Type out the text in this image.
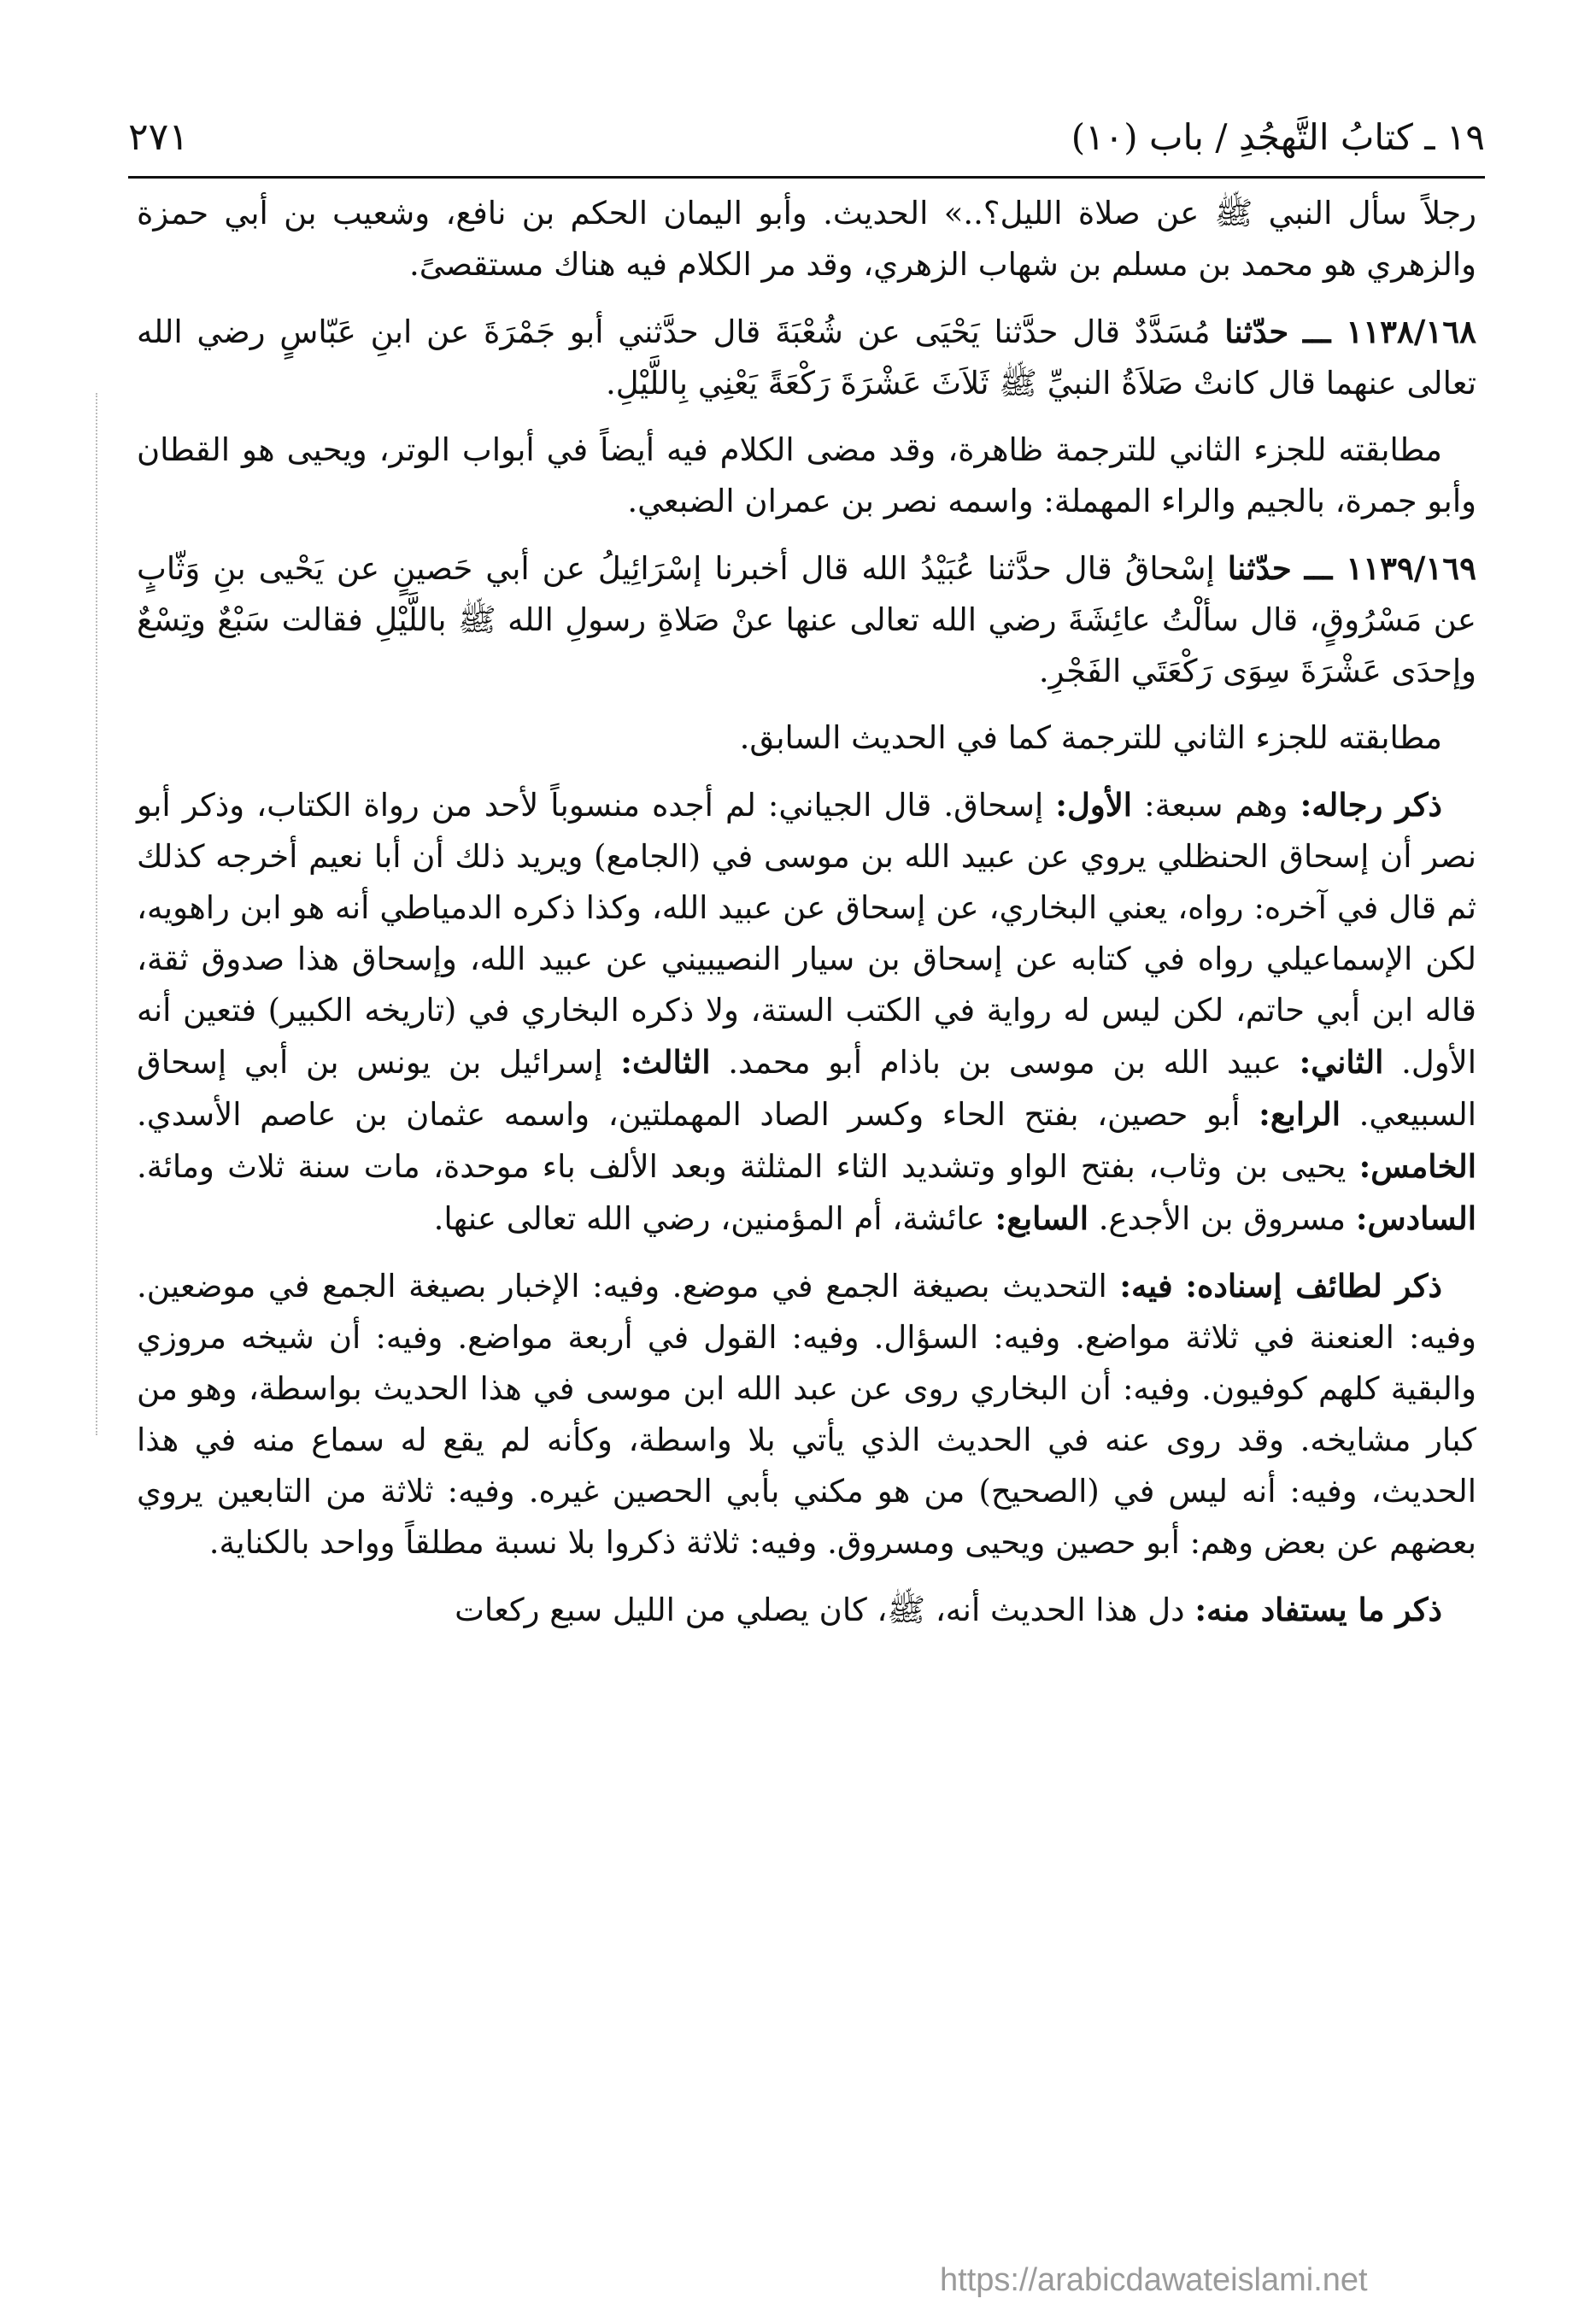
١٩ ـ كتابُ التَّهجُدِ / باب (١٠)
٢٧١

رجلاً سأل النبي ﷺ عن صلاة الليل؟..» الحديث. وأبو اليمان الحكم بن نافع، وشعيب بن أبي حمزة والزهري هو محمد بن مسلم بن شهاب الزهري، وقد مر الكلام فيه هناك مستقصىً.

١١٣٨/١٦٨ ـــ حدّثنا مُسَدَّدٌ قال حدَّثنا يَحْيَى عن شُعْبَةَ قال حدَّثني أبو جَمْرَةَ عن ابنِ عَبّاسٍ رضي الله تعالى عنهما قال كانتْ صَلاَةُ النبيِّ ﷺ ثَلاَثَ عَشْرَةَ رَكْعَةً يَعْنِي بِاللَّيْلِ.

مطابقته للجزء الثاني للترجمة ظاهرة، وقد مضى الكلام فيه أيضاً في أبواب الوتر، ويحيى هو القطان وأبو جمرة، بالجيم والراء المهملة: واسمه نصر بن عمران الضبعي.

١١٣٩/١٦٩ ـــ حدّثنا إسْحاقُ قال حدَّثنا عُبَيْدُ الله قال أخبرنا إسْرَائِيلُ عن أبي حَصينٍ عن يَحْيى بنِ وَثّابٍ عن مَسْرُوقٍ، قال سألْتُ عائِشَةَ رضي الله تعالى عنها عنْ صَلاةِ رسولِ الله ﷺ باللَّيْلِ فقالت سَبْعٌ وتِسْعٌ وإحدَى عَشْرَةَ سِوَى رَكْعَتَي الفَجْرِ.

مطابقته للجزء الثاني للترجمة كما في الحديث السابق.

ذكر رجاله: وهم سبعة: الأول: إسحاق. قال الجياني: لم أجده منسوباً لأحد من رواة الكتاب، وذكر أبو نصر أن إسحاق الحنظلي يروي عن عبيد الله بن موسى في (الجامع) ويريد ذلك أن أبا نعيم أخرجه كذلك ثم قال في آخره: رواه، يعني البخاري، عن إسحاق عن عبيد الله، وكذا ذكره الدمياطي أنه هو ابن راهويه، لكن الإسماعيلي رواه في كتابه عن إسحاق بن سيار النصيبيني عن عبيد الله، وإسحاق هذا صدوق ثقة، قاله ابن أبي حاتم، لكن ليس له رواية في الكتب الستة، ولا ذكره البخاري في (تاريخه الكبير) فتعين أنه الأول. الثاني: عبيد الله بن موسى بن باذام أبو محمد. الثالث: إسرائيل بن يونس بن أبي إسحاق السبيعي. الرابع: أبو حصين، بفتح الحاء وكسر الصاد المهملتين، واسمه عثمان بن عاصم الأسدي. الخامس: يحيى بن وثاب، بفتح الواو وتشديد الثاء المثلثة وبعد الألف باء موحدة، مات سنة ثلاث ومائة. السادس: مسروق بن الأجدع. السابع: عائشة، أم المؤمنين، رضي الله تعالى عنها.

ذكر لطائف إسناده: فيه: التحديث بصيغة الجمع في موضع. وفيه: الإخبار بصيغة الجمع في موضعين. وفيه: العنعنة في ثلاثة مواضع. وفيه: السؤال. وفيه: القول في أربعة مواضع. وفيه: أن شيخه مروزي والبقية كلهم كوفيون. وفيه: أن البخاري روى عن عبد الله ابن موسى في هذا الحديث بواسطة، وهو من كبار مشايخه. وقد روى عنه في الحديث الذي يأتي بلا واسطة، وكأنه لم يقع له سماع منه في هذا الحديث، وفيه: أنه ليس في (الصحيح) من هو مكني بأبي الحصين غيره. وفيه: ثلاثة من التابعين يروي بعضهم عن بعض وهم: أبو حصين ويحيى ومسروق. وفيه: ثلاثة ذكروا بلا نسبة مطلقاً وواحد بالكناية.

ذكر ما يستفاد منه: دل هذا الحديث أنه، ﷺ، كان يصلي من الليل سبع ركعات

https://arabicdawateislami.net
